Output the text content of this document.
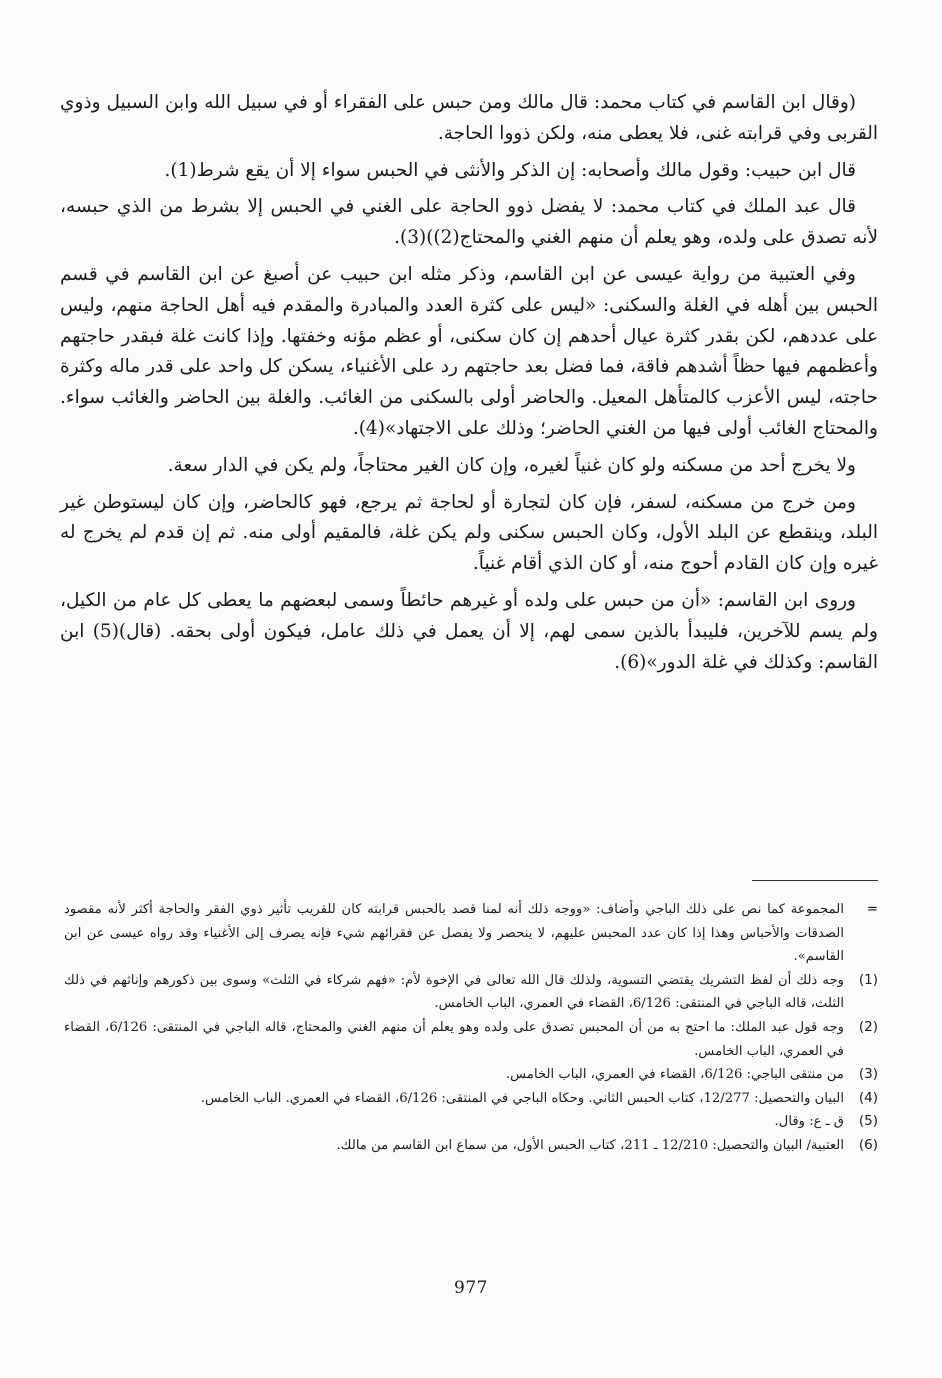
(وقال ابن القاسم في كتاب محمد: قال مالك ومن حبس على الفقراء أو في سبيل الله وابن السبيل وذوي القربى وفي قرابته غنى، فلا يعطى منه، ولكن ذووا الحاجة.

قال ابن حبيب: وقول مالك وأصحابه: إن الذكر والأنثى في الحبس سواء إلا أن يقع شرط(1).

قال عبد الملك في كتاب محمد: لا يفضل ذوو الحاجة على الغني في الحبس إلا بشرط من الذي حبسه، لأنه تصدق على ولده، وهو يعلم أن منهم الغني والمحتاج(2))(3).

وفي العتبية من رواية عيسى عن ابن القاسم، وذكر مثله ابن حبيب عن أصبغ عن ابن القاسم في قسم الحبس بين أهله في الغلة والسكنى: «ليس على كثرة العدد والمبادرة والمقدم فيه أهل الحاجة منهم، وليس على عددهم، لكن بقدر كثرة عيال أحدهم إن كان سكنى، أو عظم مؤنه وخفتها. وإذا كانت غلة فبقدر حاجتهم وأعظمهم فيها حظاً أشدهم فاقة، فما فضل بعد حاجتهم رد على الأغنياء، يسكن كل واحد على قدر ماله وكثرة حاجته، ليس الأعزب كالمتأهل المعيل. والحاضر أولى بالسكنى من الغائب. والغلة بين الحاضر والغائب سواء. والمحتاج الغائب أولى فيها من الغني الحاضر؛ وذلك على الاجتهاد»(4).

ولا يخرج أحد من مسكنه ولو كان غنياً لغيره، وإن كان الغير محتاجاً، ولم يكن في الدار سعة.

ومن خرج من مسكنه، لسفر، فإن كان لتجارة أو لحاجة ثم يرجع، فهو كالحاضر، وإن كان ليستوطن غير البلد، وينقطع عن البلد الأول، وكان الحبس سكنى ولم يكن غلة، فالمقيم أولى منه. ثم إن قدم لم يخرج له غيره وإن كان القادم أحوج منه، أو كان الذي أقام غنياً.

وروى ابن القاسم: «أن من حبس على ولده أو غيرهم حائطاً وسمى لبعضهم ما يعطى كل عام من الكيل، ولم يسم للآخرين، فليبدأ بالذين سمى لهم، إلا أن يعمل في ذلك عامل، فيكون أولى بحقه. (قال)(5) ابن القاسم: وكذلك في غلة الدور»(6).

=
المجموعة كما نص على ذلك الباجي وأضاف: «ووجه ذلك أنه لمنا قصد بالحبس قرابته كان للقريب تأثير ذوي الفقر والحاجة أكثر لأنه مقصود الصدقات والأحباس وهذا إذا كان عدد المحبس عليهم، لا ينحصر ولا يفصل عن فقرائهم شيء فإنه يصرف إلى الأغنياء وقد رواه عيسى عن ابن القاسم».
(1)
وجه ذلك أن لفظ التشريك يقتضي التسوية، ولذلك قال الله تعالى في الإخوة لأم: «فهم شركاء في الثلث» وسوى بين ذكورهم وإناثهم في ذلك الثلث، قاله الباجي في المنتقى: 6/126، القضاء في العمري، الباب الخامس.
(2)
وجه قول عبد الملك: ما احتج به من أن المحبس تصدق على ولده وهو يعلم أن منهم الغني والمحتاج، قاله الباجي في المنتقى: 6/126، القضاء في العمري، الباب الخامس.
(3)
من منتقى الباجي: 6/126، القضاء في العمري، الباب الخامس.
(4)
البيان والتحصيل: 12/277، كتاب الحبس الثاني. وحكاه الباجي في المنتقى: 6/126، القضاء في العمري. الباب الخامس.
(5)
ق ـ ع: وقال.
(6)
العتبية/ البيان والتحصيل: 12/210 ـ 211، كتاب الحبس الأول، من سماع ابن القاسم من مالك.
977
